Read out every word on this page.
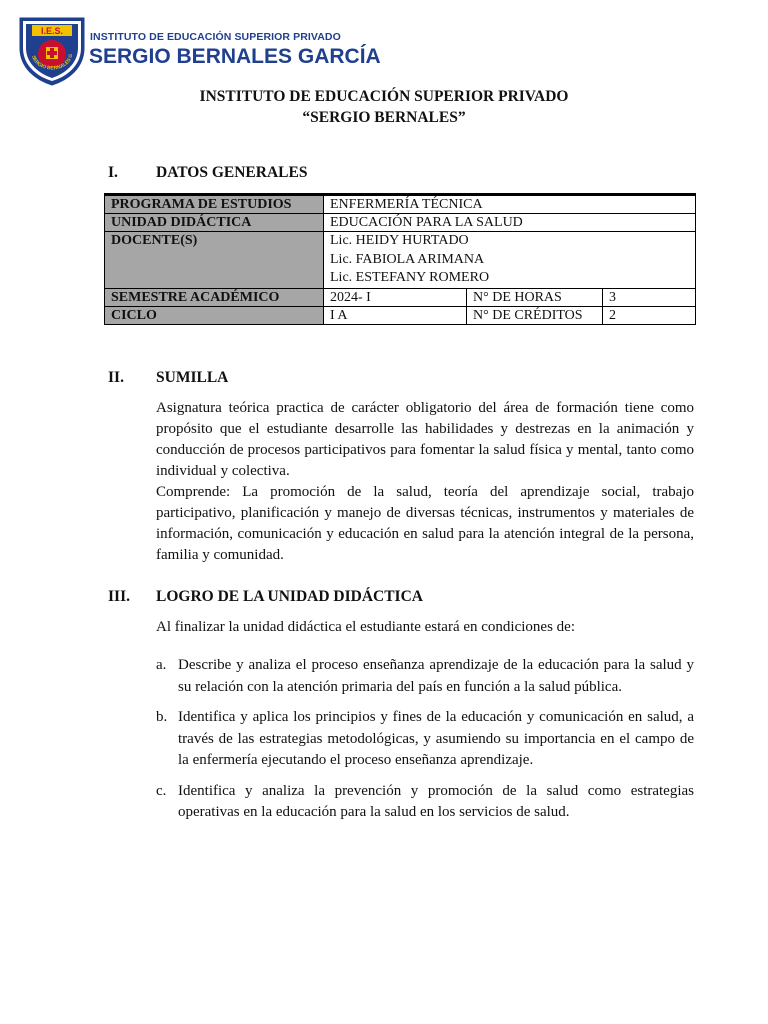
I.E.S.
SERGIO BERNALES G
INSTITUTO DE EDUCACIÓN SUPERIOR PRIVADO
SERGIO BERNALES GARCÍA
INSTITUTO DE EDUCACIÓN SUPERIOR PRIVADO
“SERGIO BERNALES”
I. DATOS GENERALES
PROGRAMA DE ESTUDIOS	ENFERMERÍA TÉCNICA		
UNIDAD DIDÁCTICA	EDUCACIÓN PARA LA SALUD		
DOCENTE(S)	Lic. HEIDY HURTADO
Lic. FABIOLA ARIMANA
Lic. ESTEFANY ROMERO		

SEMESTRE ACADÉMICO	2024- I	N° DE HORAS	3
CICLO	I A	N° DE CRÉDITOS	2
II. SUMILLA
Asignatura teórica practica de carácter obligatorio del área de formación tiene como propósito que el estudiante desarrolle las habilidades y destrezas en la animación y conducción de procesos participativos para fomentar la salud física y mental, tanto como individual y colectiva.
Comprende: La promoción de la salud, teoría del aprendizaje social, trabajo participativo, planificación y manejo de diversas técnicas, instrumentos y materiales de información, comunicación y educación en salud para la atención integral de la persona, familia y comunidad.
III. LOGRO DE LA UNIDAD DIDÁCTICA
Al finalizar la unidad didáctica el estudiante estará en condiciones de:
a. Describe y analiza el proceso enseñanza aprendizaje de la educación para la salud y su relación con la atención primaria del país en función a la salud pública.
b. Identifica y aplica los principios y fines de la educación y comunicación en salud, a través de las estrategias metodológicas, y asumiendo su importancia en el campo de la enfermería ejecutando el proceso enseñanza aprendizaje.
c. Identifica y analiza la prevención y promoción de la salud como estrategias operativas en la educación para la salud en los servicios de salud.
